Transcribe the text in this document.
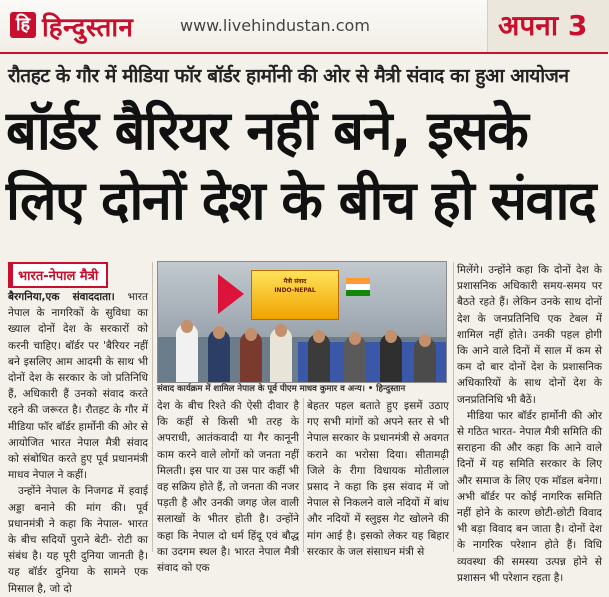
हि हिन्दुस्तान	www.livehindustan.com	अपना 3
रौतहट के गौर में मीडिया फॉर बॉर्डर हार्मोनी की ओर से मैत्री संवाद का हुआ आयोजन
बॉर्डर बैरियर नहीं बने, इसके
लिए दोनों देश के बीच हो संवाद
भारत-नेपाल मैत्री

बैरगनिया,एक संवाददाता। भारत नेपाल के नागरिकों के सुविधा का ख्याल दोनों देश के सरकारों को करनी चाहिए। बॉर्डर पर 'बैरियर नहीं बने इसलिए आम आदमी के साथ भी दोनों देश के सरकार के जो प्रतिनिधि हैं, अधिकारी हैं उनको संवाद करते रहने की जरूरत है। रौतहट के गौर में मीडिया फॉर बॉर्डर हार्मोनी की ओर से आयोजित भारत नेपाल मैत्री संवाद को संबोधित करते हुए पूर्व प्रधानमंत्री माधव नेपाल ने कहीं।

उन्होंने नेपाल के निजगढ में हवाई अड्डा बनाने की मांग की। पूर्व प्रधानमंत्री ने कहा कि नेपाल- भारत के बीच सदियों पुराने बेटी- रोटी का संबंध है। यह पूरी दुनिया जानती है। यह बॉर्डर दुनिया के सामने एक मिसाल है, जो दो

मैत्री संवाद
INDO-NEPAL
संवाद कार्यक्रम में शामिल नेपाल के पूर्व पीएम माधव कुमार व अन्य। • हिन्दुस्तान

देश के बीच रिश्ते की ऐसी दीवार है कि कहीं से किसी भी तरह के अपराधी, आतंकवादी या गैर कानूनी काम करने वाले लोगों को जनता नहीं मिलती। इस पार या उस पार कहीं भी वह सक्रिय होते हैं, तो जनता की नजर पड़ती है और उनकी जगह जेल वाली सलाखों के भीतर होती है। उन्होंने कहा कि नेपाल दो धर्म हिंदू एवं बौद्ध का उदगम स्थल है। भारत नेपाल मैत्री संवाद को एक

बेहतर पहल बताते हुए इसमें उठाए गए सभी मांगों को अपने स्तर से भी नेपाल सरकार के प्रधानमंत्री से अवगत कराने का भरोसा दिया। सीतामढ़ी जिले के रीगा विधायक मोतीलाल प्रसाद ने कहा कि इस संवाद में जो नेपाल से निकलने वाले नदियों में बांध और नदियों में स्लुइस गेट खोलने की मांग आई है। इसको लेकर यह बिहार सरकार के जल संसाधन मंत्री से

मिलेंगे। उन्होंने कहा कि दोनों देश के प्रशासनिक अधिकारी समय-समय पर बैठते रहते हैं। लेकिन उनके साथ दोनों देश के जनप्रतिनिधि एक टेबल में शामिल नहीं होते। उनकी पहल होगी कि आने वाले दिनों में साल में कम से कम दो बार दोनों देश के प्रशासनिक अधिकारियों के साथ दोनों देश के जनप्रतिनिधि भी बैठें।

मीडिया फार बॉर्डर हार्मोनी की ओर से गठित भारत- नेपाल मैत्री समिति की सराहना की और कहा कि आने वाले दिनों में यह समिति सरकार के लिए और समाज के लिए एक मॉडल बनेगा। अभी बॉर्डर पर कोई नागरिक समिति नहीं होने के कारण छोटी-छोटी विवाद भी बड़ा विवाद बन जाता है। दोनों देश के नागरिक परेशान होते हैं। विधि व्यवस्था की समस्या उत्पन्न होने से प्रशासन भी परेशान रहता है।
